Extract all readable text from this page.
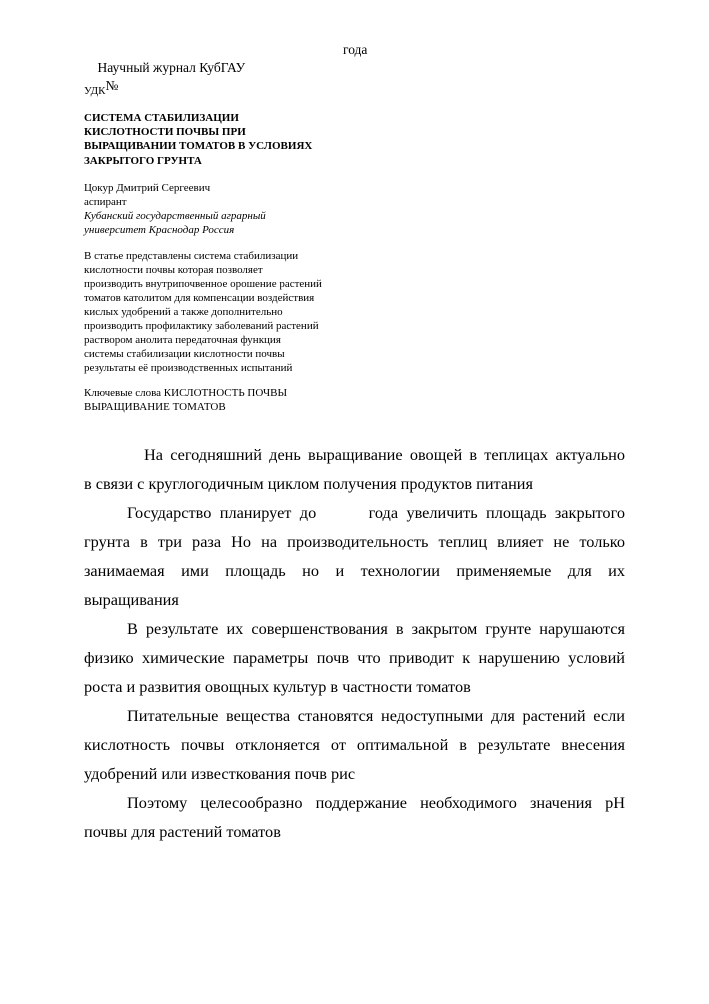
Научный журнал КубГАУ
№

года

УДК
СИСТЕМА СТАБИЛИЗАЦИИ
КИСЛОТНОСТИ ПОЧВЫ ПРИ
ВЫРАЩИВАНИИ ТОМАТОВ В УСЛОВИЯХ
ЗАКРЫТОГО ГРУНТА
Цокур Дмитрий Сергеевич
аспирант
Кубанский государственный аграрный
университет Краснодар Россия
В статье представлены система стабилизации
кислотности почвы которая позволяет
производить внутрипочвенное орошение растений
томатов католитом для компенсации воздействия
кислых удобрений а также дополнительно
производить профилактику заболеваний растений
раствором анолита передаточная функция
системы стабилизации кислотности почвы
результаты её производственных испытаний
Ключевые слова КИСЛОТНОСТЬ ПОЧВЫ
ВЫРАЩИВАНИЕ ТОМАТОВ

На сегодняшний день выращивание овощей в теплицах актуально
в связи с круглогодичным циклом получения продуктов питания

Государство планирует до	года увеличить площадь закрытого
грунта в три раза Но на производительность теплиц влияет не только
занимаемая ими площадь но и технологии применяемые для их
выращивания

В результате их совершенствования в закрытом грунте нарушаются
физико химические параметры почв что приводит к нарушению условий
роста и развития овощных культур в частности томатов

Питательные вещества становятся недоступными для растений если
кислотность почвы отклоняется от оптимальной в результате внесения
удобрений или известкования почв рис

Поэтому целесообразно поддержание необходимого значения pH
почвы для растений томатов
